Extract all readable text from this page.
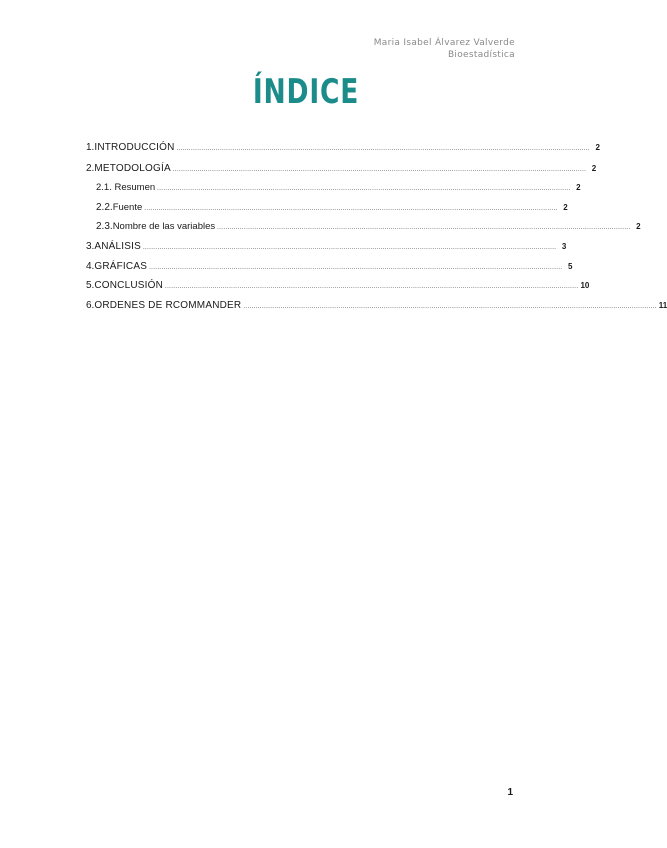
Maria Isabel Álvarez Valverde
Bioestadística
ÍNDICE
1. INTRODUCCIÓN ........................................................................................................................................................................................................ 2
2. METODOLOGÍA ........................................................................................................................................................................................................ 2
2.1. Resumen ........................................................................................................................................................................................................ 2
2.2. Fuente ........................................................................................................................................................................................................ 2
2.3. Nombre de las variables ........................................................................................................................................................................................................ 2
3. ANÁLISIS ........................................................................................................................................................................................................ 3
4. GRÁFICAS ........................................................................................................................................................................................................ 5
5. CONCLUSIÓN ........................................................................................................................................................................................................ 10
6. ORDENES DE RCOMMANDER ........................................................................................................................................................................................................ 11
1
